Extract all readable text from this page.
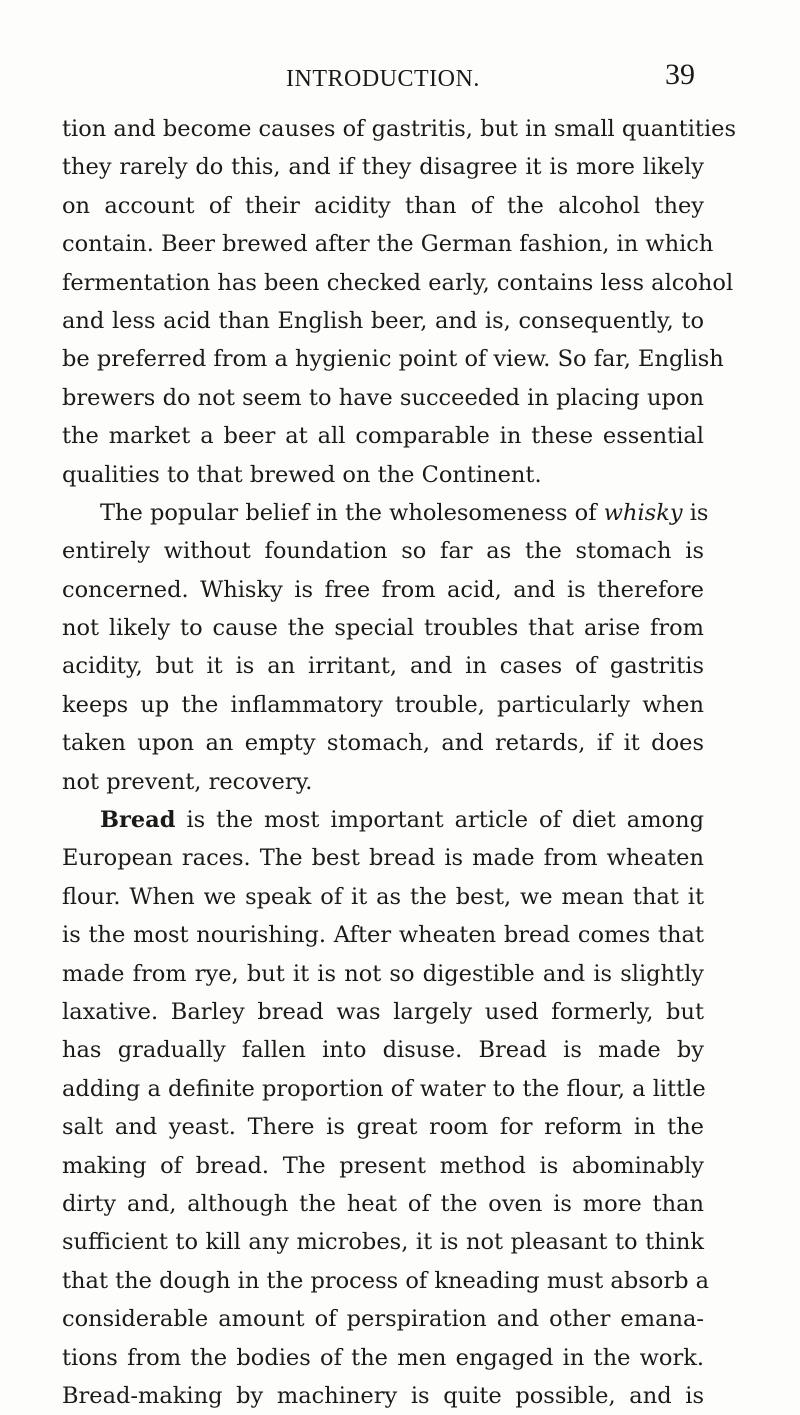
INTRODUCTION.	39
tion and become causes of gastritis, but in small quantities
they rarely do this, and if they disagree it is more likely
on account of their acidity than of the alcohol they
contain. Beer brewed after the German fashion, in which
fermentation has been checked early, contains less alcohol
and less acid than English beer, and is, consequently, to
be preferred from a hygienic point of view. So far, English
brewers do not seem to have succeeded in placing upon
the market a beer at all comparable in these essential
qualities to that brewed on the Continent.
The popular belief in the wholesomeness of whisky is
entirely without foundation so far as the stomach is
concerned. Whisky is free from acid, and is therefore
not likely to cause the special troubles that arise from
acidity, but it is an irritant, and in cases of gastritis
keeps up the inflammatory trouble, particularly when
taken upon an empty stomach, and retards, if it does
not prevent, recovery.
Bread is the most important article of diet among
European races. The best bread is made from wheaten
flour. When we speak of it as the best, we mean that it
is the most nourishing. After wheaten bread comes that
made from rye, but it is not so digestible and is slightly
laxative. Barley bread was largely used formerly, but
has gradually fallen into disuse. Bread is made by
adding a definite proportion of water to the flour, a little
salt and yeast. There is great room for reform in the
making of bread. The present method is abominably
dirty and, although the heat of the oven is more than
sufficient to kill any microbes, it is not pleasant to think
that the dough in the process of kneading must absorb a
considerable amount of perspiration and other emana-
tions from the bodies of the men engaged in the work.
Bread-making by machinery is quite possible, and is
